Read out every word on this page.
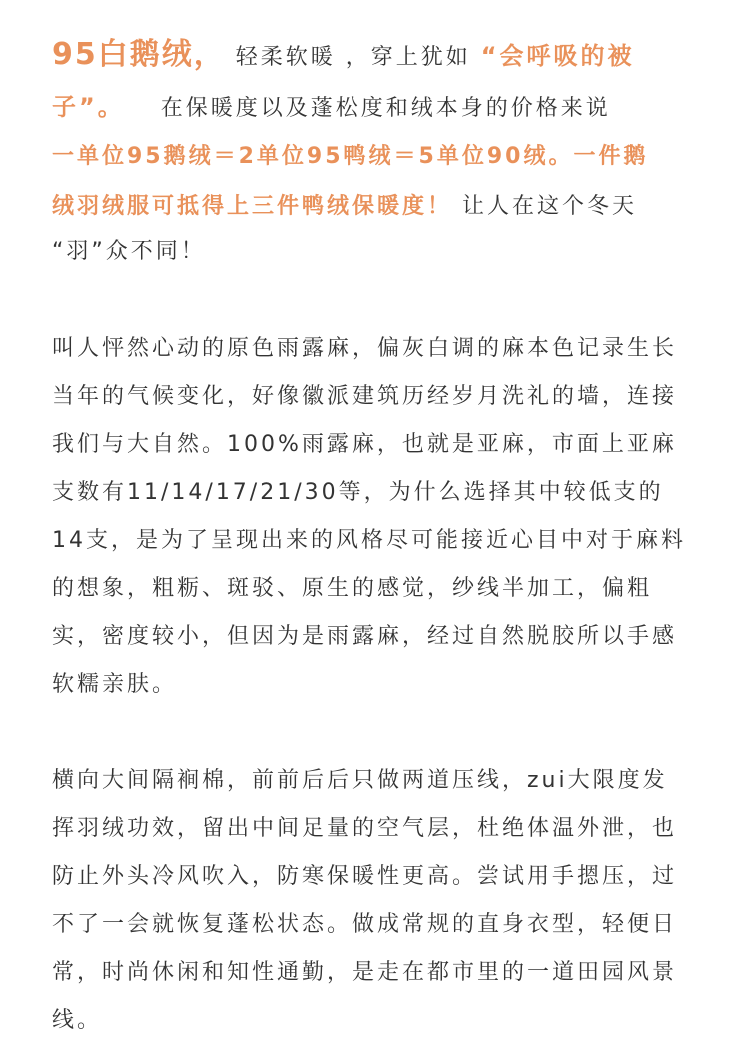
95白鹅绒， 轻柔软暖 ，穿上犹如 “会呼吸的被
子”。 在保暖度以及蓬松度和绒本身的价格来说
一单位95鹅绒＝2单位95鸭绒＝5单位90绒。一件鹅
绒羽绒服可抵得上三件鸭绒保暖度！ 让人在这个冬天
“羽”众不同！
叫人怦然心动的原色雨露麻，偏灰白调的麻本色记录生长
当年的气候变化，好像徽派建筑历经岁月洗礼的墙，连接
我们与大自然。100%雨露麻，也就是亚麻，市面上亚麻
支数有11/14/17/21/30等，为什么选择其中较低支的
14支，是为了呈现出来的风格尽可能接近心目中对于麻料
的想象，粗粝、斑驳、原生的感觉，纱线半加工，偏粗
实，密度较小，但因为是雨露麻，经过自然脱胶所以手感
软糯亲肤。
横向大间隔裥棉，前前后后只做两道压线，zui大限度发
挥羽绒功效，留出中间足量的空气层，杜绝体温外泄，也
防止外头冷风吹入，防寒保暖性更高。尝试用手摁压，过
不了一会就恢复蓬松状态。做成常规的直身衣型，轻便日
常，时尚休闲和知性通勤，是走在都市里的一道田园风景
线。
